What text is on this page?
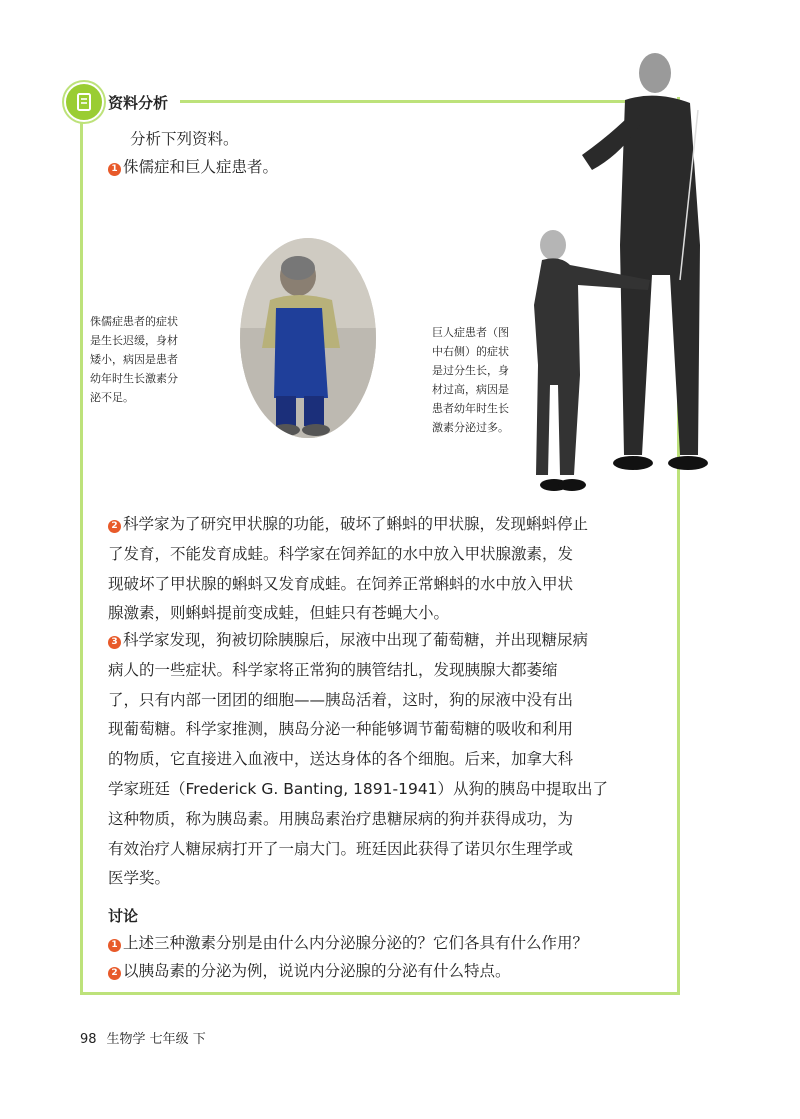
资料分析
分析下列资料。
1 侏儒症和巨人症患者。
侏儒症患者的症状
是生长迟缓，身材
矮小，病因是患者
幼年时生长激素分
泌不足。
巨人症患者（图
中右侧）的症状
是过分生长，身
材过高，病因是
患者幼年时生长
激素分泌过多。
2 科学家为了研究甲状腺的功能，破坏了蝌蚪的甲状腺，发现蝌蚪停止
了发育，不能发育成蛙。科学家在饲养缸的水中放入甲状腺激素，发
现破坏了甲状腺的蝌蚪又发育成蛙。在饲养正常蝌蚪的水中放入甲状
腺激素，则蝌蚪提前变成蛙，但蛙只有苍蝇大小。
3 科学家发现，狗被切除胰腺后，尿液中出现了葡萄糖，并出现糖尿病
病人的一些症状。科学家将正常狗的胰管结扎，发现胰腺大都萎缩
了，只有内部一团团的细胞——胰岛活着，这时，狗的尿液中没有出
现葡萄糖。科学家推测，胰岛分泌一种能够调节葡萄糖的吸收和利用
的物质，它直接进入血液中，送达身体的各个细胞。后来，加拿大科
学家班廷（Frederick G. Banting, 1891-1941）从狗的胰岛中提取出了
这种物质，称为胰岛素。用胰岛素治疗患糖尿病的狗并获得成功，为
有效治疗人糖尿病打开了一扇大门。班廷因此获得了诺贝尔生理学或
医学奖。
讨论
1 上述三种激素分别是由什么内分泌腺分泌的？它们各具有什么作用？
2 以胰岛素的分泌为例，说说内分泌腺的分泌有什么特点。
98 生物学 七年级 下
